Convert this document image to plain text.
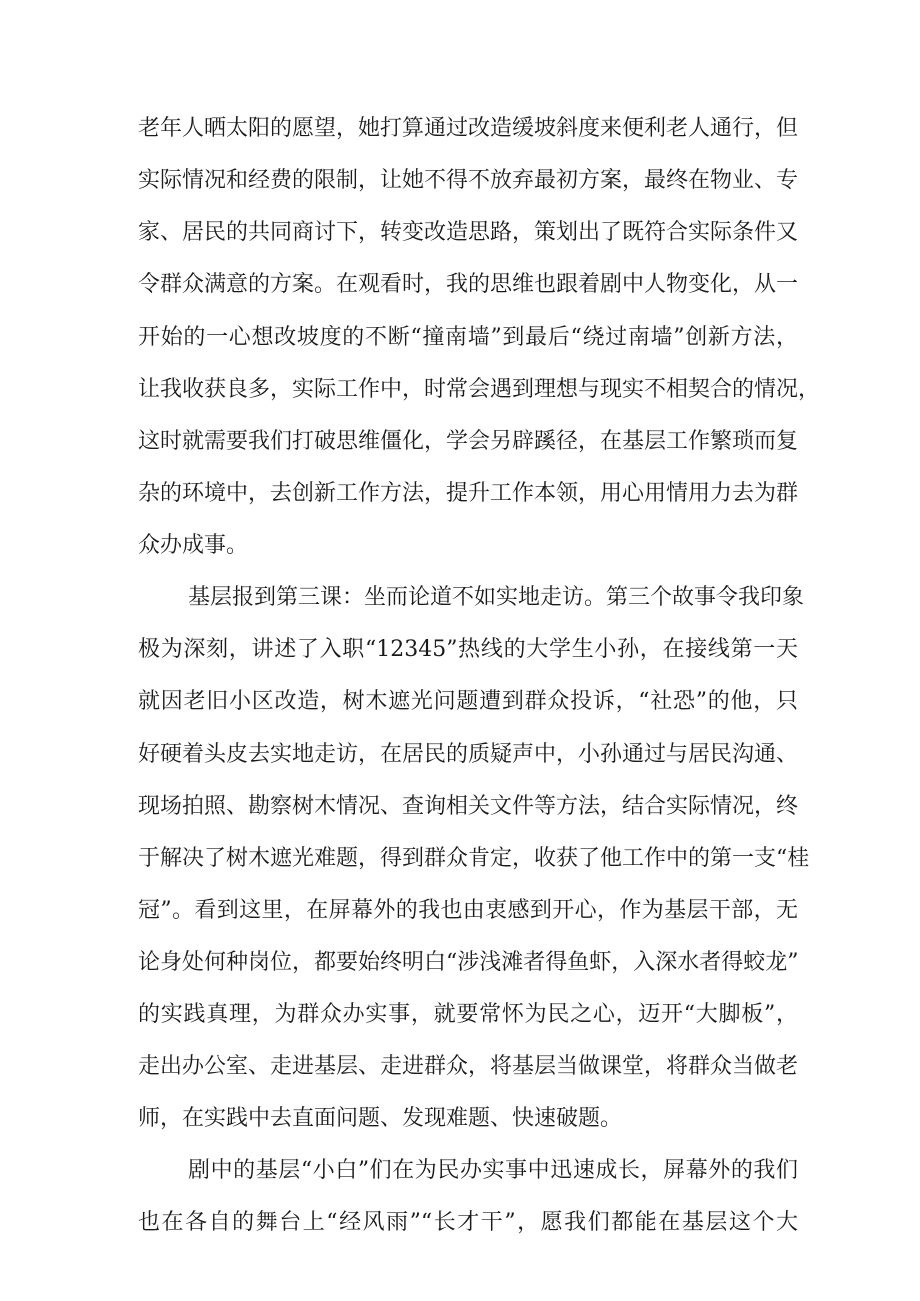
老年人晒太阳的愿望，她打算通过改造缓坡斜度来便利老人通行，但
实际情况和经费的限制，让她不得不放弃最初方案，最终在物业、专
家、居民的共同商讨下，转变改造思路，策划出了既符合实际条件又
令群众满意的方案。在观看时，我的思维也跟着剧中人物变化，从一
开始的一心想改坡度的不断“撞南墙”到最后“绕过南墙”创新方法，
让我收获良多，实际工作中，时常会遇到理想与现实不相契合的情况，
这时就需要我们打破思维僵化，学会另辟蹊径，在基层工作繁琐而复
杂的环境中，去创新工作方法，提升工作本领，用心用情用力去为群
众办成事。
基层报到第三课：坐而论道不如实地走访。第三个故事令我印象
极为深刻，讲述了入职“12345”热线的大学生小孙，在接线第一天
就因老旧小区改造，树木遮光问题遭到群众投诉，“社恐”的他，只
好硬着头皮去实地走访，在居民的质疑声中，小孙通过与居民沟通、
现场拍照、勘察树木情况、查询相关文件等方法，结合实际情况，终
于解决了树木遮光难题，得到群众肯定，收获了他工作中的第一支“桂
冠”。看到这里，在屏幕外的我也由衷感到开心，作为基层干部，无
论身处何种岗位，都要始终明白“涉浅滩者得鱼虾，入深水者得蛟龙”
的实践真理，为群众办实事，就要常怀为民之心，迈开“大脚板”，
走出办公室、走进基层、走进群众，将基层当做课堂，将群众当做老
师，在实践中去直面问题、发现难题、快速破题。
剧中的基层“小白”们在为民办实事中迅速成长，屏幕外的我们
也在各自的舞台上“经风雨”“长才干”，愿我们都能在基层这个大
